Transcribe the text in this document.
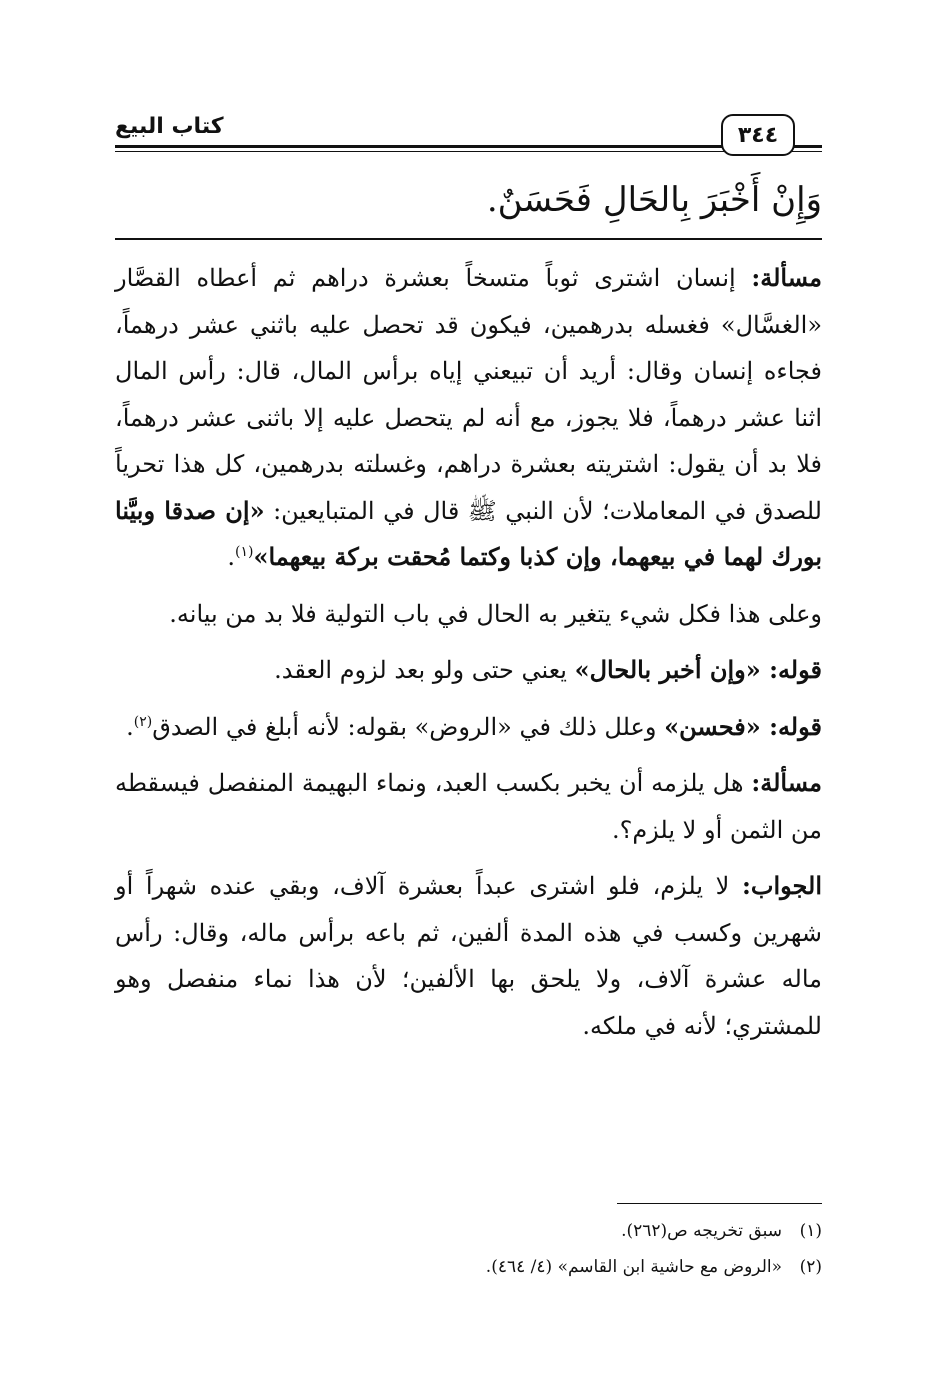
كتاب البيع	٣٤٤
وَإِنْ أَخْبَرَ بِالحَالِ فَحَسَنٌ.

مسألة: إنسان اشترى ثوباً متسخاً بعشرة دراهم ثم أعطاه القصَّار «الغسَّال» فغسله بدرهمين، فيكون قد تحصل عليه باثني عشر درهماً، فجاءه إنسان وقال: أريد أن تبيعني إياه برأس المال، قال: رأس المال اثنا عشر درهماً، فلا يجوز، مع أنه لم يتحصل عليه إلا باثنى عشر درهماً، فلا بد أن يقول: اشتريته بعشرة دراهم، وغسلته بدرهمين، كل هذا تحرياً للصدق في المعاملات؛ لأن النبي ﷺ قال في المتبايعين: «إن صدقا وبيَّنا بورك لهما في بيعهما، وإن كذبا وكتما مُحقت بركة بيعهما»$^{(١)}$.

وعلى هذا فكل شيء يتغير به الحال في باب التولية فلا بد من بيانه.

قوله: «وإن أخبر بالحال» يعني حتى ولو بعد لزوم العقد.

قوله: «فحسن» وعلل ذلك في «الروض» بقوله: لأنه أبلغ في الصدق$^{(٢)}$.

مسألة: هل يلزمه أن يخبر بكسب العبد، ونماء البهيمة المنفصل فيسقطه من الثمن أو لا يلزم؟.

الجواب: لا يلزم، فلو اشترى عبداً بعشرة آلاف، وبقي عنده شهراً أو شهرين وكسب في هذه المدة ألفين، ثم باعه برأس ماله، وقال: رأس ماله عشرة آلاف، ولا يلحق بها الألفين؛ لأن هذا نماء منفصل وهو للمشتري؛ لأنه في ملكه.

(١)سبق تخريجه ص(٢٦٢).
(٢)«الروض مع حاشية ابن القاسم» (٤/ ٤٦٤).
